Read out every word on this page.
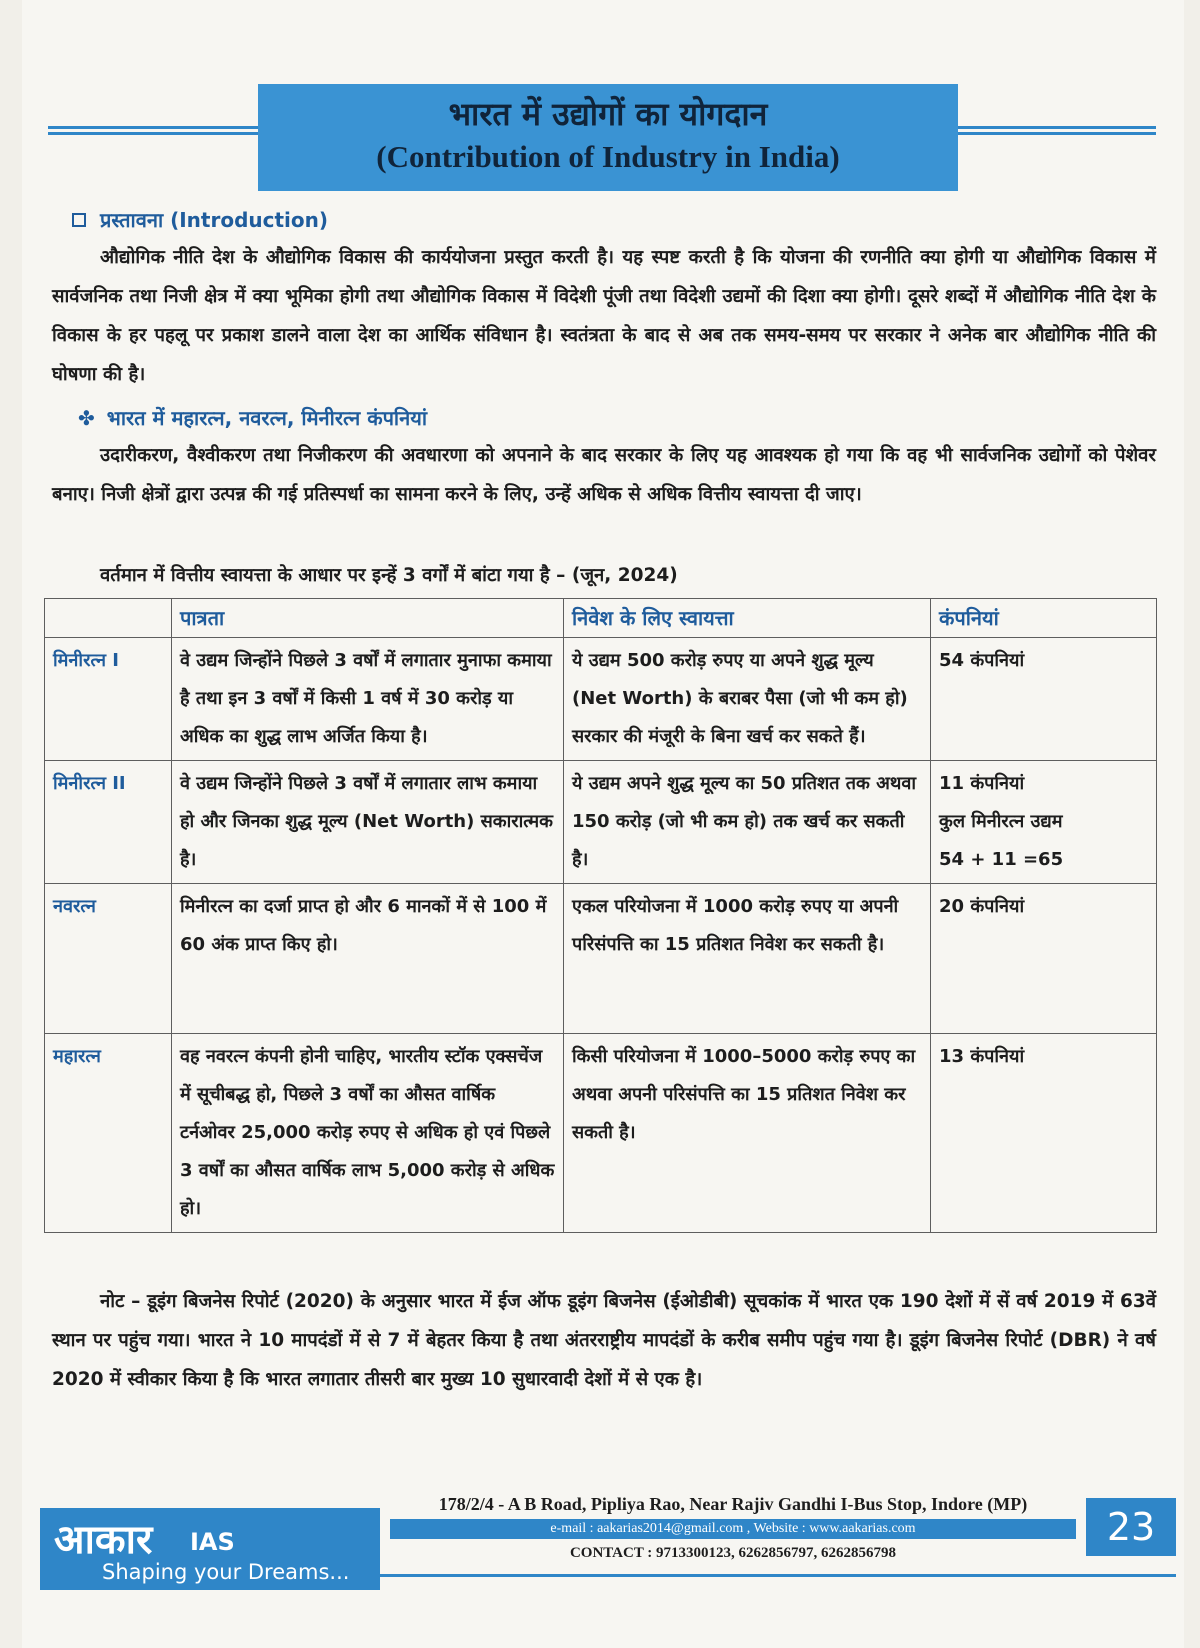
भारत में उद्योगों का योगदान
(Contribution of Industry in India)
प्रस्तावना (Introduction)
औद्योगिक नीति देश के औद्योगिक विकास की कार्ययोजना प्रस्तुत करती है। यह स्पष्ट करती है कि योजना की रणनीति क्या होगी या औद्योगिक विकास में सार्वजनिक तथा निजी क्षेत्र में क्या भूमिका होगी तथा औद्योगिक विकास में विदेशी पूंजी तथा विदेशी उद्यमों की दिशा क्या होगी। दूसरे शब्दों में औद्योगिक नीति देश के विकास के हर पहलू पर प्रकाश डालने वाला देश का आर्थिक संविधान है। स्वतंत्रता के बाद से अब तक समय-समय पर सरकार ने अनेक बार औद्योगिक नीति की घोषणा की है।
✤ भारत में महारत्न, नवरत्न, मिनीरत्न कंपनियां
उदारीकरण, वैश्वीकरण तथा निजीकरण की अवधारणा को अपनाने के बाद सरकार के लिए यह आवश्यक हो गया कि वह भी सार्वजनिक उद्योगों को पेशेवर बनाए। निजी क्षेत्रों द्वारा उत्पन्न की गई प्रतिस्पर्धा का सामना करने के लिए, उन्हें अधिक से अधिक वित्तीय स्वायत्ता दी जाए।
वर्तमान में वित्तीय स्वायत्ता के आधार पर इन्हें 3 वर्गों में बांटा गया है – (जून, 2024)
	पात्रता	निवेश के लिए स्वायत्ता	कंपनियां
मिनीरत्न I	वे उद्यम जिन्होंने पिछले 3 वर्षों में लगातार मुनाफा कमाया है तथा इन 3 वर्षों में किसी 1 वर्ष में 30 करोड़ या अधिक का शुद्ध लाभ अर्जित किया है।	ये उद्यम 500 करोड़ रुपए या अपने शुद्ध मूल्य (Net Worth) के बराबर पैसा (जो भी कम हो) सरकार की मंजूरी के बिना खर्च कर सकते हैं।	54 कंपनियां
मिनीरत्न II	वे उद्यम जिन्होंने पिछले 3 वर्षों में लगातार लाभ कमाया हो और जिनका शुद्ध मूल्य (Net Worth) सकारात्मक है।	ये उद्यम अपने शुद्ध मूल्य का 50 प्रतिशत तक अथवा 150 करोड़ (जो भी कम हो) तक खर्च कर सकती है।	11 कंपनियां
कुल मिनीरत्न उद्यम
54 + 11 =65

नवरत्न	मिनीरत्न का दर्जा प्राप्त हो और 6 मानकों में से 100 में 60 अंक प्राप्त किए हो।	एकल परियोजना में 1000 करोड़ रुपए या अपनी परिसंपत्ति का 15 प्रतिशत निवेश कर सकती है।	20 कंपनियां
महारत्न	वह नवरत्न कंपनी होनी चाहिए, भारतीय स्टॉक एक्सचेंज में सूचीबद्ध हो, पिछले 3 वर्षों का औसत वार्षिक टर्नओवर 25,000 करोड़ रुपए से अधिक हो एवं पिछले 3 वर्षों का औसत वार्षिक लाभ 5,000 करोड़ से अधिक हो।	किसी परियोजना में 1000–5000 करोड़ रुपए का अथवा अपनी परिसंपत्ति का 15 प्रतिशत निवेश कर सकती है।	13 कंपनियां
नोट – डूइंग बिजनेस रिपोर्ट (2020) के अनुसार भारत में ईज ऑफ डूइंग बिजनेस (ईओडीबी) सूचकांक में भारत एक 190 देशों में सें वर्ष 2019 में 63वें स्थान पर पहुंच गया। भारत ने 10 मापदंडों में से 7 में बेहतर किया है तथा अंतरराष्ट्रीय मापदंडों के करीब समीप पहुंच गया है। डूइंग बिजनेस रिपोर्ट (DBR) ने वर्ष 2020 में स्वीकार किया है कि भारत लगातार तीसरी बार मुख्य 10 सुधारवादी देशों में से एक है।
आकार IAS
Shaping your Dreams...
178/2/4 - A B Road, Pipliya Rao, Near Rajiv Gandhi I-Bus Stop, Indore (MP)
e-mail : aakarias2014@gmail.com , Website : www.aakarias.com
CONTACT : 9713300123, 6262856797, 6262856798
23
